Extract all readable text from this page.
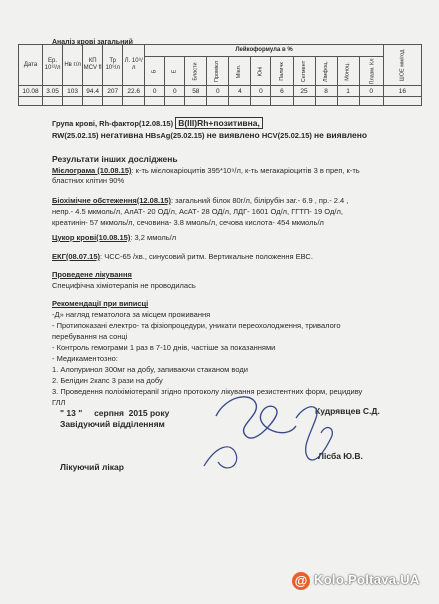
Аналіз крові загальний
Дата	Ер. 10¹²/л	Нв г/л	КП MCV fl	Тр 10⁹/л	Л. 10⁹/л	Лейкоформула в %											ШОЕ мм/год
						Б	Е	Бласти	Промієл	Міел.	Юні	Паличк	Сегмент	Лімфоц.	Моноц.	Плазм. Кл	
10.08	3.05	103	94.4	207	22.6	0	0	58	0	4	0	6	25	8	1	0	16

Група крові, Rh-фактор(12.08.15) B(III)Rh+позитивна,
RW(25.02.15) негативна HBsAg(25.02.15) не виявлено HCV(25.02.15) не виявлено
Результати інших досліджень
Мієлограма (10.08.15): к-ть мієлокаріоцитів 395*10⁹/л, к-ть мегакаріоцитів 3 в преп, к-ть
бластних клітин 90%
Біохімічне обстеження(12.08.15): загальний білок 80г/л, білірубін заг.- 6.9 , пр.- 2.4 ,
непр.- 4.5 мкмоль/л, АлАТ- 20 ОД/л, АсАТ- 28 ОД/л, ЛДГ- 1601 Од/л, ГГТП- 19 Од/л,
креатинін- 57 мкмоль/л, сечовина- 3.8 ммоль/л, сечова кислота- 454 мкмоль/л
Цукор крові(10.08.15): 3,2 ммоль/л
ЕКГ(08.07.15): ЧСС-65 /хв., синусовий ритм. Вертикальне положення ЕВС.
Проведене лікування
Специфічна хіміотерапія не проводилась
Рекомендації при виписці
-Д» нагляд гематолога за місцем проживання
- Протипоказані електро- та фізіопроцедури, уникати переохолодження, тривалого
перебування на сонці
- Контроль гемограми 1 раз в 7-10 днів, частіше за показаннями
- Медикаментозно:
1. Алопуринол 300мг на добу, запиваючи стаканом води
2. Белідин 2капс 3 рази на добу
3. Проведення поліхіміотерапії згідно протоколу лікування резистентних форм, рецидиву
ГЛЛ
" 13 " серпня 2015 року
Завідуючий відділенням
Кудрявцев С.Д.
Лікуючий лікар
Лісба Ю.В.
@ Kolo.Poltava.UA
